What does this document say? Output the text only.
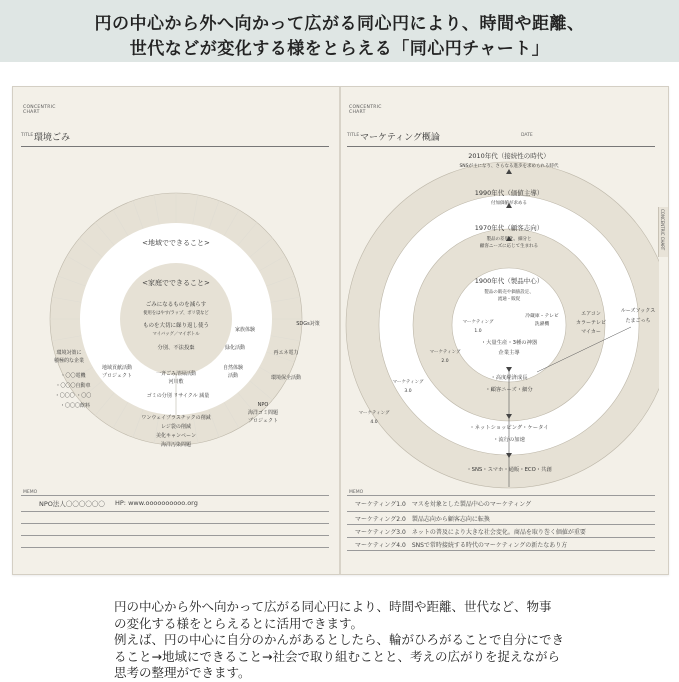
円の中心から外へ向かって広がる同心円により、時間や距離、
世代などが変化する様をとらえる「同心円チャート」
CONCENTRIC
CHART
TITLE 環境ごみ
<地域でできること>
<家庭でできること>
ごみになるものを減らす
使用をはやす/ラップ、ポリ袋など
ものを大切に繰り返し使う
マイバッグ／マイボトル
分別、不法投棄
地域貢献活動
プロジェクト	一斉ごみ清掃活動
河川敷
ゴミの分別 リサイクル 減量
自然体験
活動
緑化活動
家族体験
SDGs対策
再エネ電力
環境保全活動
NPO
海洋ゴミ問題
プロジェクト
ワンウェイプラスチックの削減
レジ袋の削減
美化キャンペーン
海洋汚染問題
環境対策に
積極的な企業
・〇〇電機
・〇〇〇自動車
・〇〇〇 ・〇〇
・〇〇〇飲料
MEMO
NPO法人〇〇〇〇〇〇 HP: www.oooooooooo.org
CONCENTRIC
CHART
TITLE マーケティング概論	DATE
CONCENTRIC CHART
2010年代（接続性の時代）
SNSが主になり、さらなる進歩を求められる時代
1990年代（価値主導）
付加価値が求める
1970年代（顧客志向）
製品の差別化、細分と
顧客ニーズに応じて生まれる
1900年代（製品中心）
製品の販売や価値設定、
流通・販促
冷蔵庫・テレビ
洗濯機
・大量生産・3種の神器
企業主導
・高度経済成長
・顧客ニーズ・細分
エアコン
カラーテレビ
マイカー
・ネットショッピング・ケータイ
・流行の加速
ルーズソックス
たまごっち
・SNS・スマホ・通販・ECO・共創
マーケティング
1.0
マーケティング
2.0
マーケティング
3.0
マーケティング
4.0
MEMO
マーケティング1.0　マスを対象とした製品中心のマーケティング
マーケティング2.0　製品志向から顧客志向に転換
マーケティング3.0　ネットの普及により大きな社会変化。商品を取り巻く価値が重要
マーケティング4.0　SNSで常時接続する時代のマーケティングの新たなあり方
円の中心から外へ向かって広がる同心円により、時間や距離、世代など、物事
の変化する様をとらえるとに活用できます。
例えば、円の中心に自分のかんがあるとしたら、輪がひろがることで自分にでき
ること→地域にできること→社会で取り組むことと、考えの広がりを捉えながら
思考の整理ができます。
